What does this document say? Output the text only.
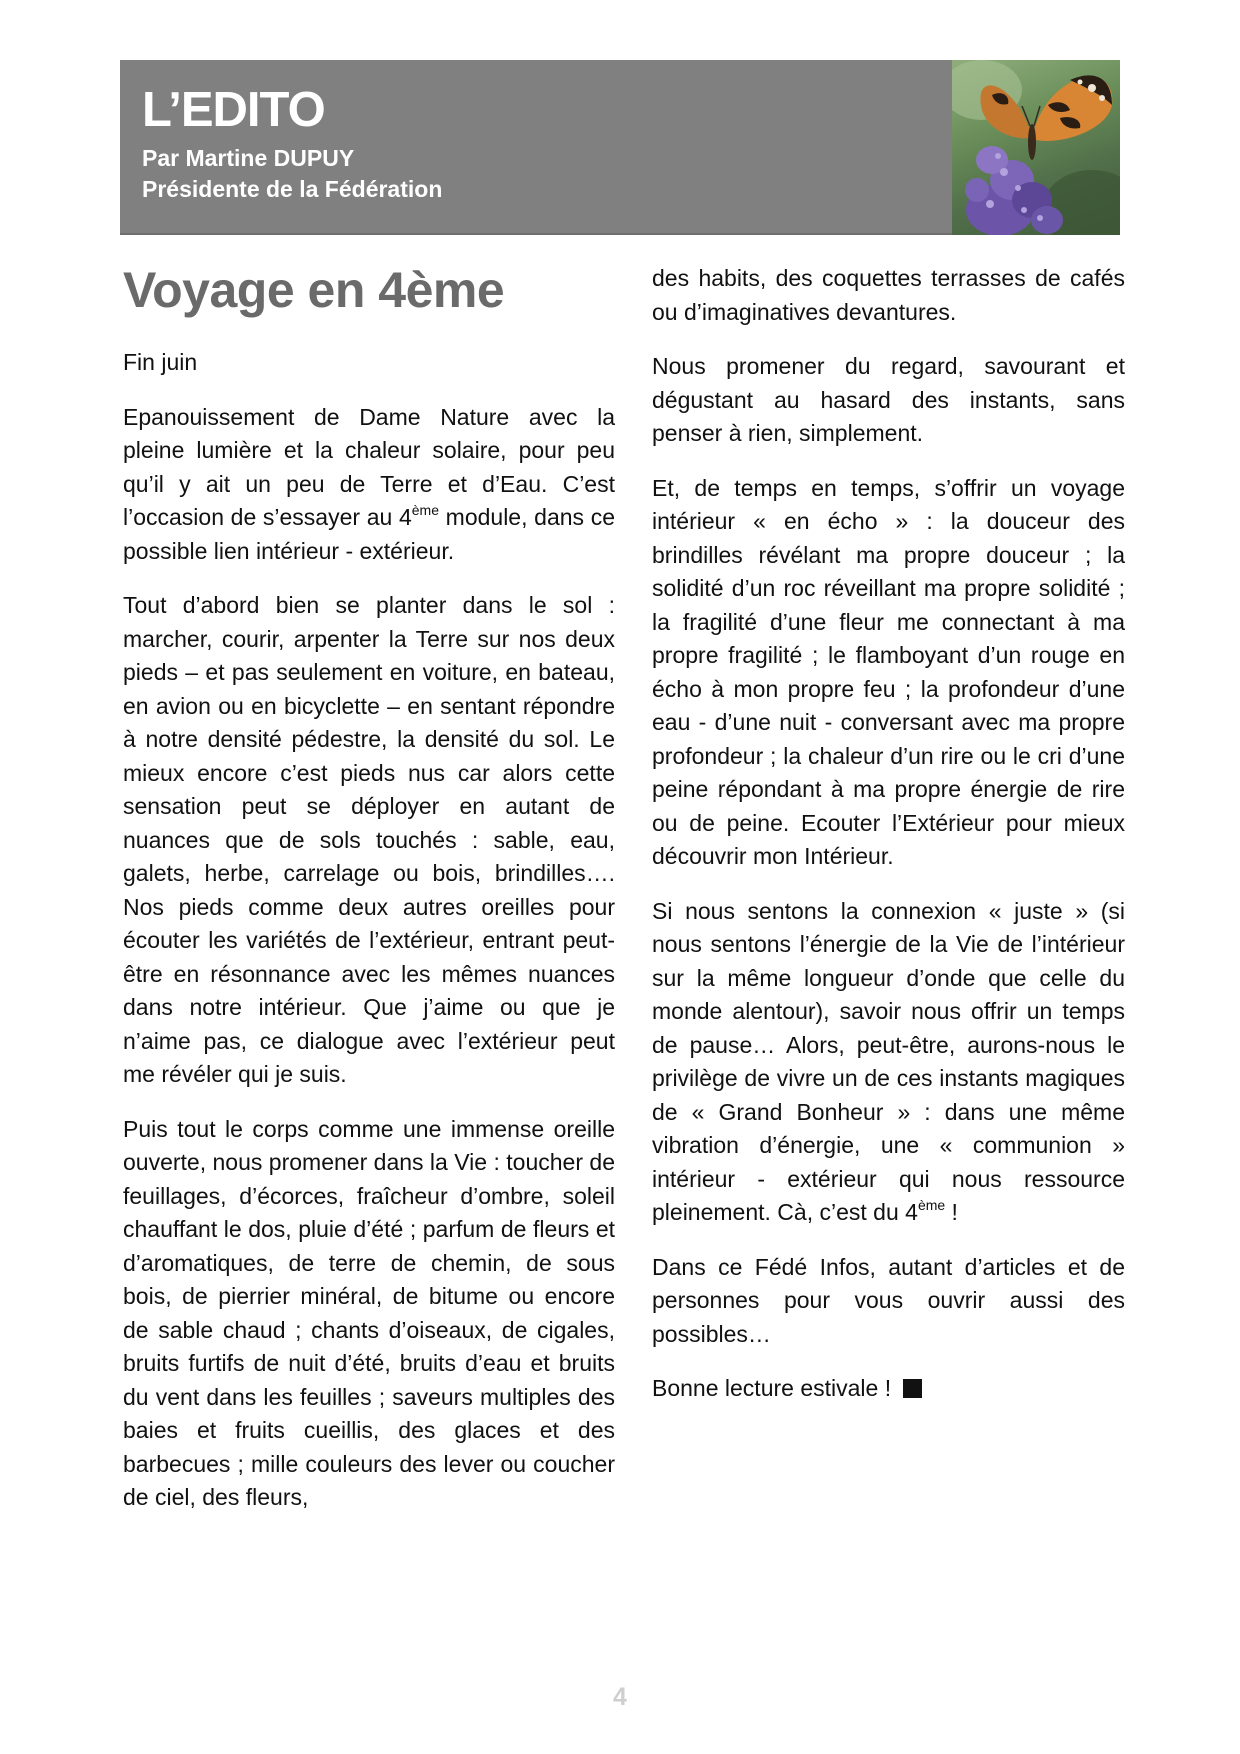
L’EDITO
Par Martine DUPUY
Présidente de la Fédération
Voyage en 4ème

Fin juin

Epanouissement de Dame Nature avec la pleine lumière et la chaleur solaire, pour peu qu’il y ait un peu de Terre et d’Eau. C’est l’occasion de s’essayer au 4ème module, dans ce possible lien intérieur - extérieur.

Tout d’abord bien se planter dans le sol : marcher, courir, arpenter la Terre sur nos deux pieds – et pas seulement en voiture, en bateau, en avion ou en bicyclette – en sentant répondre à notre densité pédestre, la densité du sol. Le mieux encore c’est pieds nus car alors cette sensation peut se déployer en autant de nuances que de sols touchés : sable, eau, galets, herbe, carrelage ou bois, brindilles…. Nos pieds comme deux autres oreilles pour écouter les variétés de l’extérieur, entrant peut-être en résonnance avec les mêmes nuances dans notre intérieur. Que j’aime ou que je n’aime pas, ce dialogue avec l’extérieur peut me révéler qui je suis.

Puis tout le corps comme une immense oreille ouverte, nous promener dans la Vie : toucher de feuillages, d’écorces, fraîcheur d’ombre, soleil chauffant le dos, pluie d’été ; parfum de fleurs et d’aromatiques, de terre de chemin, de sous bois, de pierrier minéral, de bitume ou encore de sable chaud ; chants d’oiseaux, de cigales, bruits furtifs de nuit d’été, bruits d’eau et bruits du vent dans les feuilles ; saveurs multiples des baies et fruits cueillis, des glaces et des barbecues ; mille couleurs des lever ou coucher de ciel, des fleurs,

des habits, des coquettes terrasses de cafés ou d’imaginatives devantures.

Nous promener du regard, savourant et dégustant au hasard des instants, sans penser à rien, simplement.

Et, de temps en temps, s’offrir un voyage intérieur « en écho » : la douceur des brindilles révélant ma propre douceur ; la solidité d’un roc réveillant ma propre solidité ; la fragilité d’une fleur me connectant à ma propre fragilité ; le flamboyant d’un rouge en écho à mon propre feu ; la profondeur d’une eau - d’une nuit - conversant avec ma propre profondeur ; la chaleur d’un rire ou le cri d’une peine répondant à ma propre énergie de rire ou de peine. Ecouter l’Extérieur pour mieux découvrir mon Intérieur.

Si nous sentons la connexion « juste » (si nous sentons l’énergie de la Vie de l’intérieur sur la même longueur d’onde que celle du monde alentour), savoir nous offrir un temps de pause… Alors, peut-être, aurons-nous le privilège de vivre un de ces instants magiques de « Grand Bonheur » : dans une même vibration d’énergie, une « communion » intérieur - extérieur qui nous ressource pleinement. Cà, c’est du 4ème !

Dans ce Fédé Infos, autant d’articles et de personnes pour vous ouvrir aussi des possibles…

Bonne lecture estivale !

4
